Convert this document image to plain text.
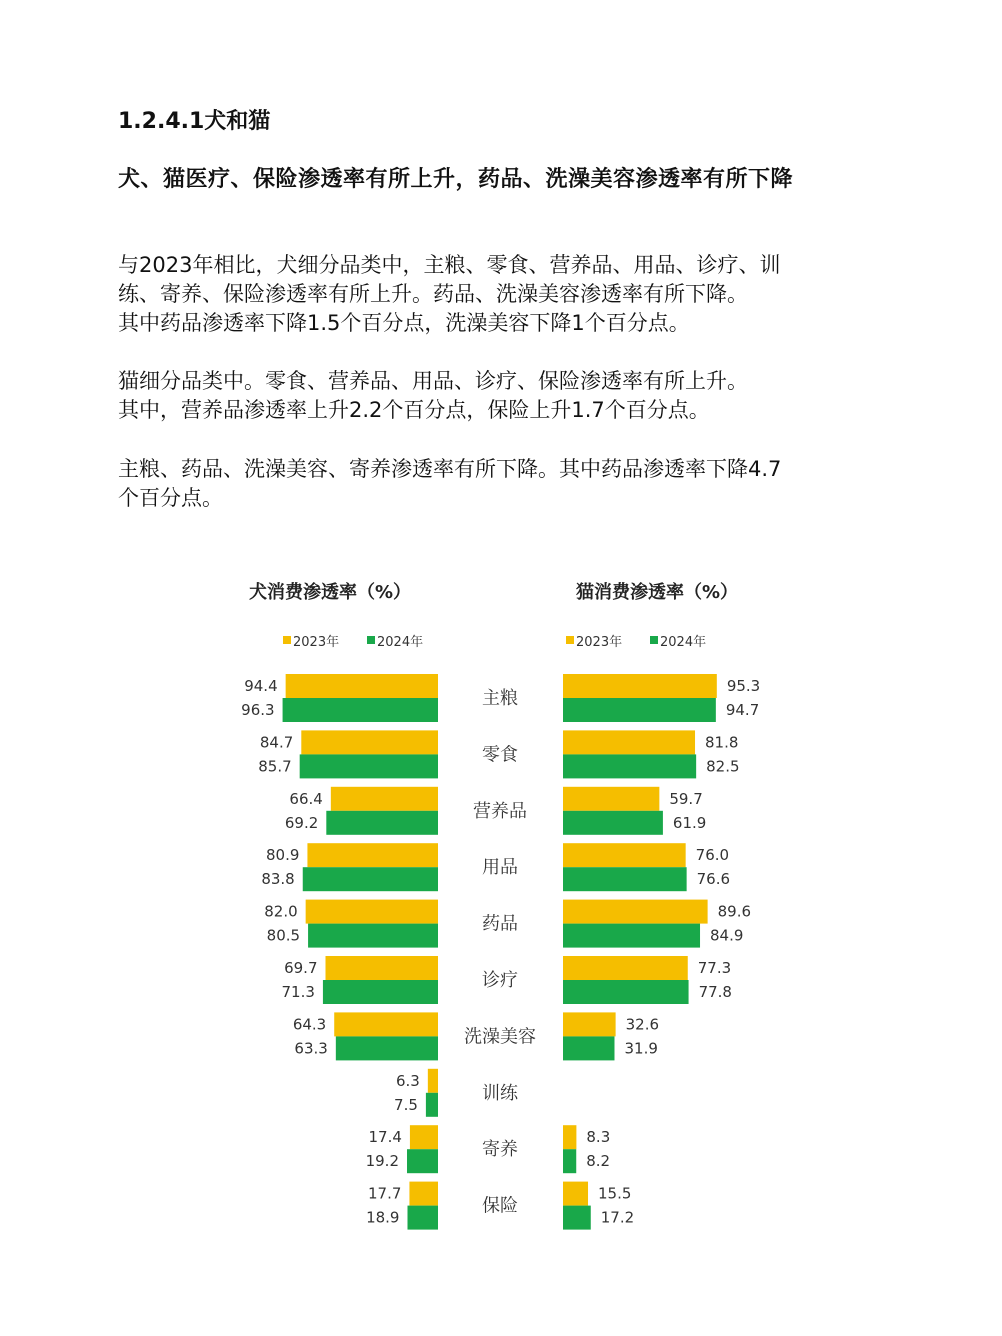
1.2.4.1犬和猫
犬、猫医疗、保险渗透率有所上升，药品、洗澡美容渗透率有所下降

与2023年相比，犬细分品类中，主粮、零食、营养品、用品、诊疗、训
练、寄养、保险渗透率有所上升。药品、洗澡美容渗透率有所下降。
其中药品渗透率下降1.5个百分点，洗澡美容下降1个百分点。

猫细分品类中。零食、营养品、用品、诊疗、保险渗透率有所上升。
其中，营养品渗透率上升2.2个百分点，保险上升1.7个百分点。

主粮、药品、洗澡美容、寄养渗透率有所下降。其中药品渗透率下降4.7
个百分点。

犬消费渗透率（%）
2023年	2024年
94.4
96.3
84.7
85.7
66.4
69.2
80.9
83.8
82.0
80.5
69.7
71.3
64.3
63.3
6.3
7.5
17.4
19.2
17.7
18.9
猫消费渗透率（%）
2023年	2024年
95.3
94.7
81.8
82.5
59.7
61.9
76.0
76.6
89.6
84.9
77.3
77.8
32.6
31.9
8.3
8.2
15.5
17.2
主粮
零食
营养品
用品
药品
诊疗
洗澡美容
训练
寄养
保险
